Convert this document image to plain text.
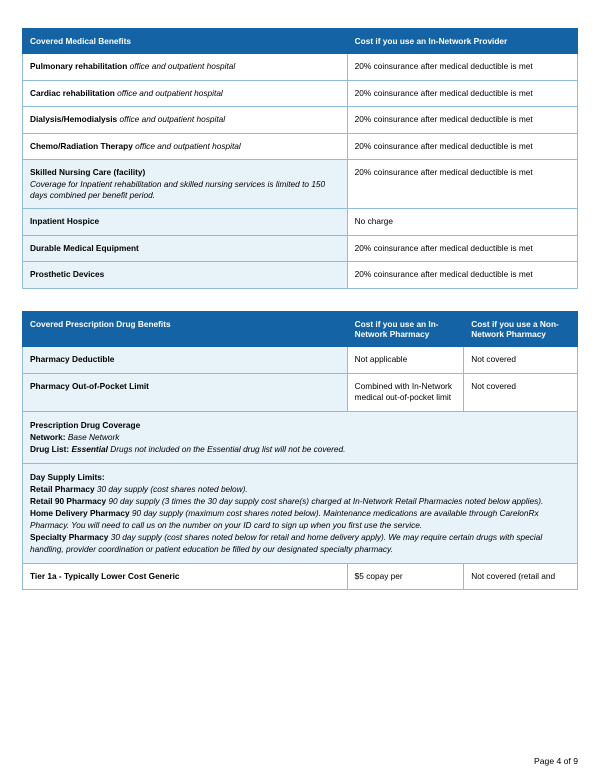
Covered Medical Benefits	Cost if you use an In-Network Provider
Pulmonary rehabilitation office and outpatient hospital	20% coinsurance after medical deductible is met
Cardiac rehabilitation office and outpatient hospital	20% coinsurance after medical deductible is met
Dialysis/Hemodialysis office and outpatient hospital	20% coinsurance after medical deductible is met
Chemo/Radiation Therapy office and outpatient hospital	20% coinsurance after medical deductible is met
Skilled Nursing Care (facility)
Coverage for Inpatient rehabilitation and skilled nursing services is limited to 150 days combined per benefit period.	20% coinsurance after medical deductible is met
Inpatient Hospice	No charge
Durable Medical Equipment	20% coinsurance after medical deductible is met
Prosthetic Devices	20% coinsurance after medical deductible is met
Covered Prescription Drug Benefits	Cost if you use an In-Network Pharmacy	Cost if you use a Non-Network Pharmacy
Pharmacy Deductible	Not applicable	Not covered
Pharmacy Out-of-Pocket Limit	Combined with In-Network medical out-of-pocket limit	Not covered

Prescription Drug Coverage
Network: Base Network
Drug List: Essential Drugs not included on the Essential drug list will not be covered.		

Day Supply Limits:
Retail Pharmacy 30 day supply (cost shares noted below).
Retail 90 Pharmacy 90 day supply (3 times the 30 day supply cost share(s) charged at In-Network Retail Pharmacies noted below applies).
Home Delivery Pharmacy 90 day supply (maximum cost shares noted below). Maintenance medications are available through CarelonRx Pharmacy. You will need to call us on the number on your ID card to sign up when you first use the service.
Specialty Pharmacy 30 day supply (cost shares noted below for retail and home delivery apply). We may require certain drugs with special handling, provider coordination or patient education be filled by our designated specialty pharmacy.		
Tier 1a - Typically Lower Cost Generic	$5 copay per	Not covered (retail and
Page 4 of 9
